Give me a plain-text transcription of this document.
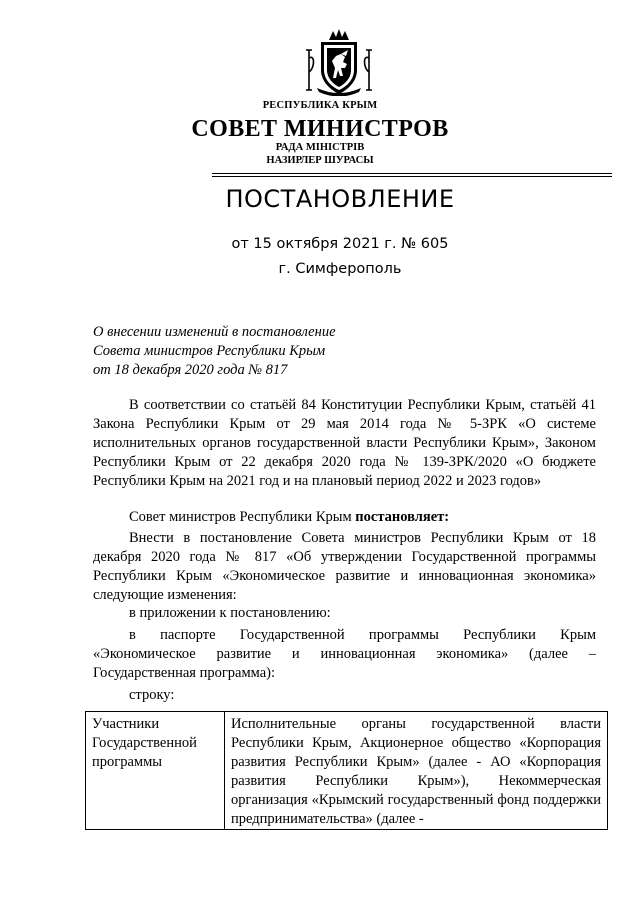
РЕСПУБЛИКА КРЫМ
СОВЕТ МИНИСТРОВ
РАДА МІНІСТРІВ
НАЗИРЛЕР ШУРАСЫ
ПОСТАНОВЛЕНИЕ
от 15 октября 2021 г. № 605
г. Симферополь
О внесении изменений в постановление
Совета министров Республики Крым
от 18 декабря 2020 года № 817
В соответствии со статьёй 84 Конституции Республики Крым, статьёй 41 Закона Республики Крым от 29 мая 2014 года № 5-ЗРК «О системе исполнительных органов государственной власти Республики Крым», Законом Республики Крым от 22 декабря 2020 года № 139-ЗРК/2020 «О бюджете Республики Крым на 2021 год и на плановый период 2022 и 2023 годов»
Совет министров Республики Крым постановляет:
Внести в постановление Совета министров Республики Крым от 18 декабря 2020 года № 817 «Об утверждении Государственной программы Республики Крым «Экономическое развитие и инновационная экономика» следующие изменения:
в приложении к постановлению:
в паспорте Государственной программы Республики Крым «Экономическое развитие и инновационная экономика» (далее – Государственная программа):
строку:
Участники Государственной программы	Исполнительные органы государственной власти Республики Крым, Акционерное общество «Корпорация развития Республики Крым» (далее - АО «Корпорация развития Республики Крым»), Некоммерческая организация «Крымский государственный фонд поддержки предпринимательства» (далее -
